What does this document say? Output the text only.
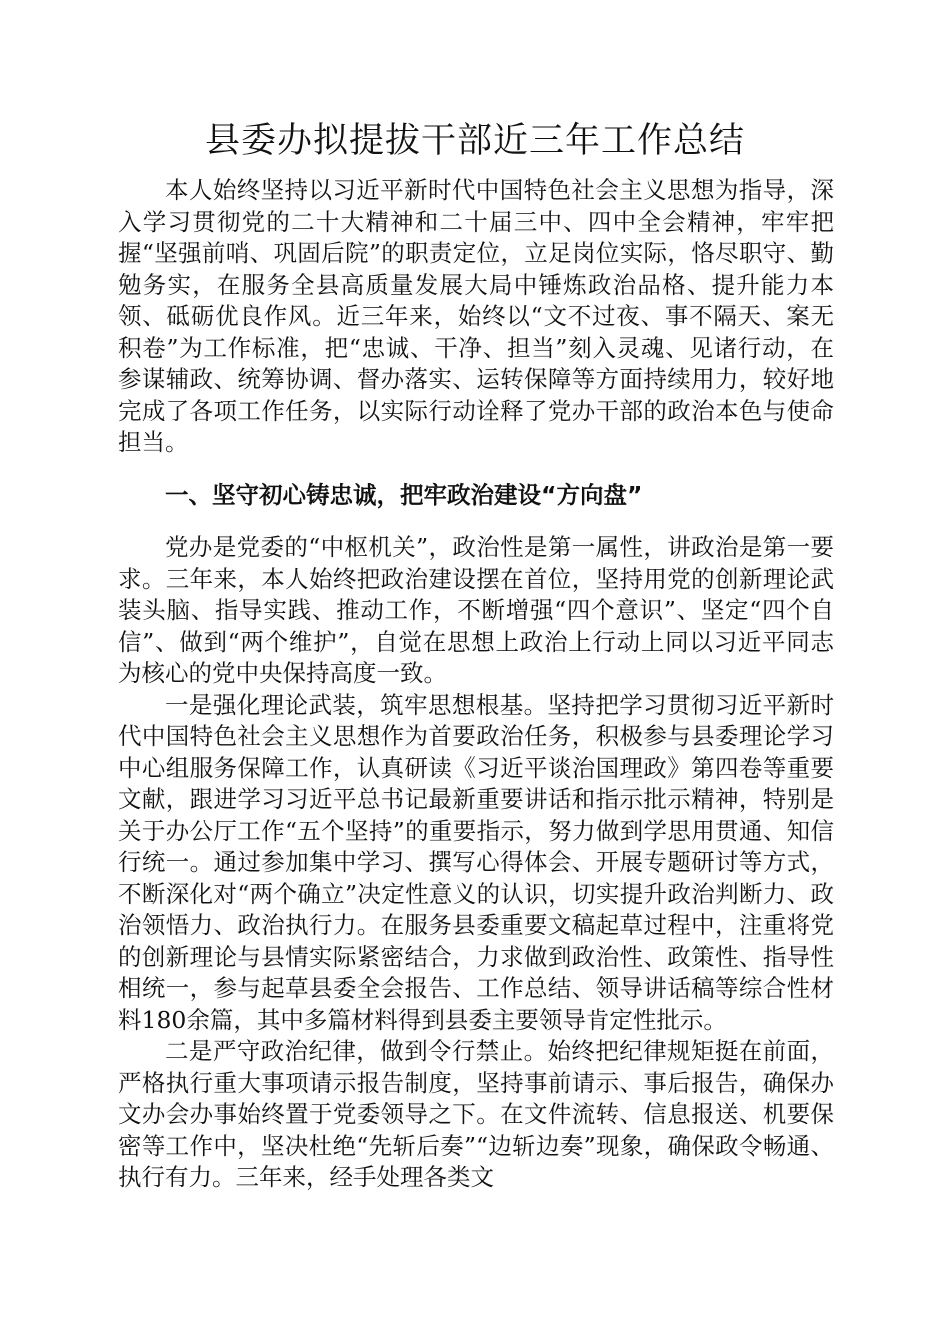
县委办拟提拔干部近三年工作总结

本人始终坚持以习近平新时代中国特色社会主义思想为指导，深入学习贯彻党的二十大精神和二十届三中、四中全会精神，牢牢把握“坚强前哨、巩固后院”的职责定位，立足岗位实际，恪尽职守、勤勉务实，在服务全县高质量发展大局中锤炼政治品格、提升能力本领、砥砺优良作风。近三年来，始终以“文不过夜、事不隔天、案无积卷”为工作标准，把“忠诚、干净、担当”刻入灵魂、见诸行动，在参谋辅政、统筹协调、督办落实、运转保障等方面持续用力，较好地完成了各项工作任务，以实际行动诠释了党办干部的政治本色与使命担当。

一、坚守初心铸忠诚，把牢政治建设“方向盘”

党办是党委的“中枢机关”，政治性是第一属性，讲政治是第一要求。三年来，本人始终把政治建设摆在首位，坚持用党的创新理论武装头脑、指导实践、推动工作，不断增强“四个意识”、坚定“四个自信”、做到“两个维护”，自觉在思想上政治上行动上同以习近平同志为核心的党中央保持高度一致。

一是强化理论武装，筑牢思想根基。坚持把学习贯彻习近平新时代中国特色社会主义思想作为首要政治任务，积极参与县委理论学习中心组服务保障工作，认真研读《习近平谈治国理政》第四卷等重要文献，跟进学习习近平总书记最新重要讲话和指示批示精神，特别是关于办公厅工作“五个坚持”的重要指示，努力做到学思用贯通、知信行统一。通过参加集中学习、撰写心得体会、开展专题研讨等方式，不断深化对“两个确立”决定性意义的认识，切实提升政治判断力、政治领悟力、政治执行力。在服务县委重要文稿起草过程中，注重将党的创新理论与县情实际紧密结合，力求做到政治性、政策性、指导性相统一，参与起草县委全会报告、工作总结、领导讲话稿等综合性材料180余篇，其中多篇材料得到县委主要领导肯定性批示。

二是严守政治纪律，做到令行禁止。始终把纪律规矩挺在前面，严格执行重大事项请示报告制度，坚持事前请示、事后报告，确保办文办会办事始终置于党委领导之下。在文件流转、信息报送、机要保密等工作中，坚决杜绝“先斩后奏”“边斩边奏”现象，确保政令畅通、执行有力。三年来，经手处理各类文
